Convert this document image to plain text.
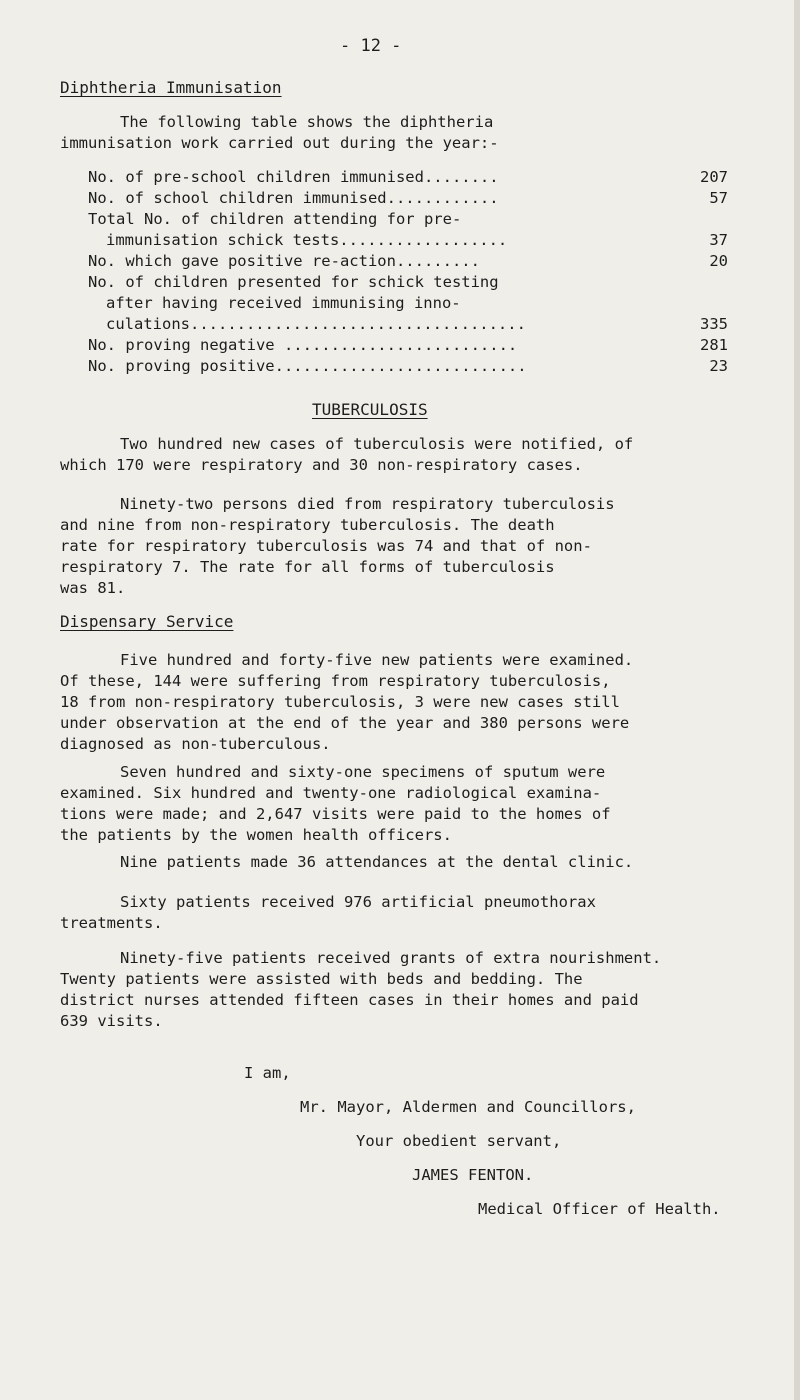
- 12 -
Diphtheria Immunisation
The following table shows the diphtheria
immunisation work carried out during the year:-
No. of pre-school children immunised........	207
No. of school children immunised............	57
Total No. of children attending for pre-
immunisation schick tests..................	37
No. which gave positive re-action.........	20
No. of children presented for schick testing
after having received immunising inno-
culations....................................	335
No. proving negative .........................	281
No. proving positive...........................	23
TUBERCULOSIS
Two hundred new cases of tuberculosis were notified, of
which 170 were respiratory and 30 non-respiratory cases.
Ninety-two persons died from respiratory tuberculosis
and nine from non-respiratory tuberculosis. The death
rate for respiratory tuberculosis was 74 and that of non-
respiratory 7. The rate for all forms of tuberculosis
was 81.
Dispensary Service
Five hundred and forty-five new patients were examined.
Of these, 144 were suffering from respiratory tuberculosis,
18 from non-respiratory tuberculosis, 3 were new cases still
under observation at the end of the year and 380 persons were
diagnosed as non-tuberculous.
Seven hundred and sixty-one specimens of sputum were
examined. Six hundred and twenty-one radiological examina-
tions were made; and 2,647 visits were paid to the homes of
the patients by the women health officers.
Nine patients made 36 attendances at the dental clinic.
Sixty patients received 976 artificial pneumothorax
treatments.
Ninety-five patients received grants of extra nourishment.
Twenty patients were assisted with beds and bedding. The
district nurses attended fifteen cases in their homes and paid
639 visits.
I am,
Mr. Mayor, Aldermen and Councillors,
Your obedient servant,
JAMES FENTON.
Medical Officer of Health.
